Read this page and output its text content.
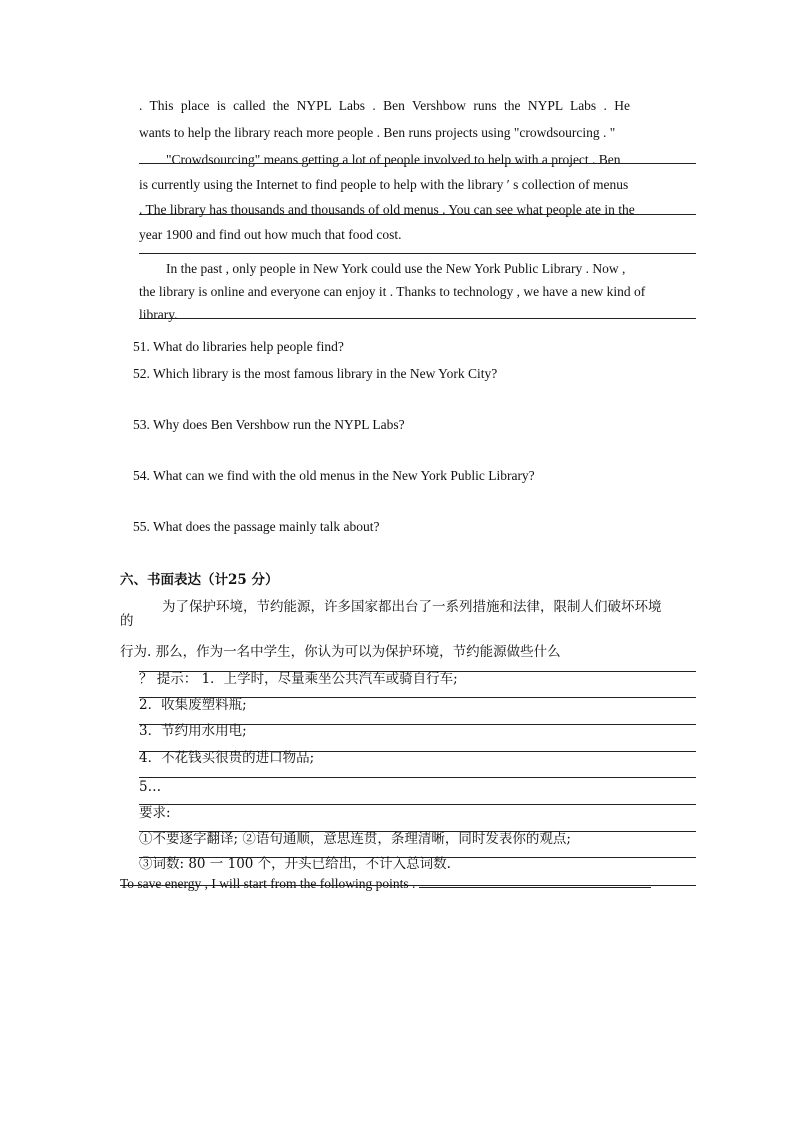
. This place is called the NYPL Labs . Ben Vershbow runs the NYPL Labs . He
wants to help the library reach more people . Ben runs projects using "crowdsourcing . "
"Crowdsourcing" means getting a lot of people involved to help with a project . Ben
is currently using the Internet to find people to help with the library ′ s collection of menus
. The library has thousands and thousands of old menus . You can see what people ate in the
year 1900 and find out how much that food cost.
In the past , only people in New York could use the New York Public Library . Now ,
the library is online and everyone can enjoy it . Thanks to technology , we have a new kind of
library.
51. What do libraries help people find?
52. Which library is the most famous library in the New York City?
53. Why does Ben Vershbow run the NYPL Labs?
54. What can we find with the old menus in the New York Public Library?
55. What does the passage mainly talk about?
六、书面表达（计25 分）
为了保护环境，节约能源，许多国家都出台了一系列措施和法律，限制人们破坏环境
的
行为. 那么，作为一名中学生，你认为可以为保护环境，节约能源做些什么
？ 提示： 1．上学时，尽量乘坐公共汽车或骑自行车;
2．收集废塑料瓶;
3．节约用水用电;
4．不花钱买很贵的进口物品;
5…
要求:
①不要逐字翻译; ②语句通顺，意思连贯，条理清晰，同时发表你的观点;
③词数: 80 一 100 个，开头已给出，不计入总词数.
To save energy , I will start from the following points .
